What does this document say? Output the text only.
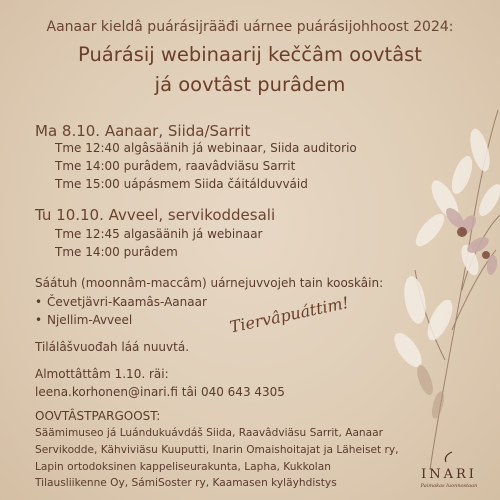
Aanaar kieldâ puárásijrääđi uárnee puárásijohhoost 2024:
Puárásij webinaarij keččâm oovtâst
já oovtâst purâdem
Ma 8.10. Aanaar, Siida/Sarrit
Tme 12:40 algâsäänih já webinaar, Siida auditorio
Tme 14:00 purâdem, raavâdviäsu Sarrit
Tme 15:00 uápásmem Siida čáitálduvváid
Tu 10.10. Avveel, servikoddesali
Tme 12:45 algasäänih já webinaar
Tme 14:00 purâdem
Sáátuh (moonnâm-maccâm) uárnejuvvojeh tain kooskâin:
• Čevetjävri-Kaamâs-Aanaar
• Njellim-Avveel
Tilálâšvuođah láá nuuvtá.
Almottâttâm 1.10. räi:
leena.korhonen@inari.fi tâi 040 643 4305
Tiervâpuáttim!
OOVTÂSTPARGOOST:
Säämimuseo já Luándukuávdáš Siida, Raavâdviäsu Sarrit, Aanaar
Servikodde, Kähviviäsu Kuuputti, Inarin Omaishoitajat ja Läheiset ry,
Lapin ortodoksinen kappeliseurakunta, Lapha, Kukkolan
Tilausliikenne Oy, SámiSoster ry, Kaamasen kyläyhdistys
INARI
Paimakas luonnostaan
